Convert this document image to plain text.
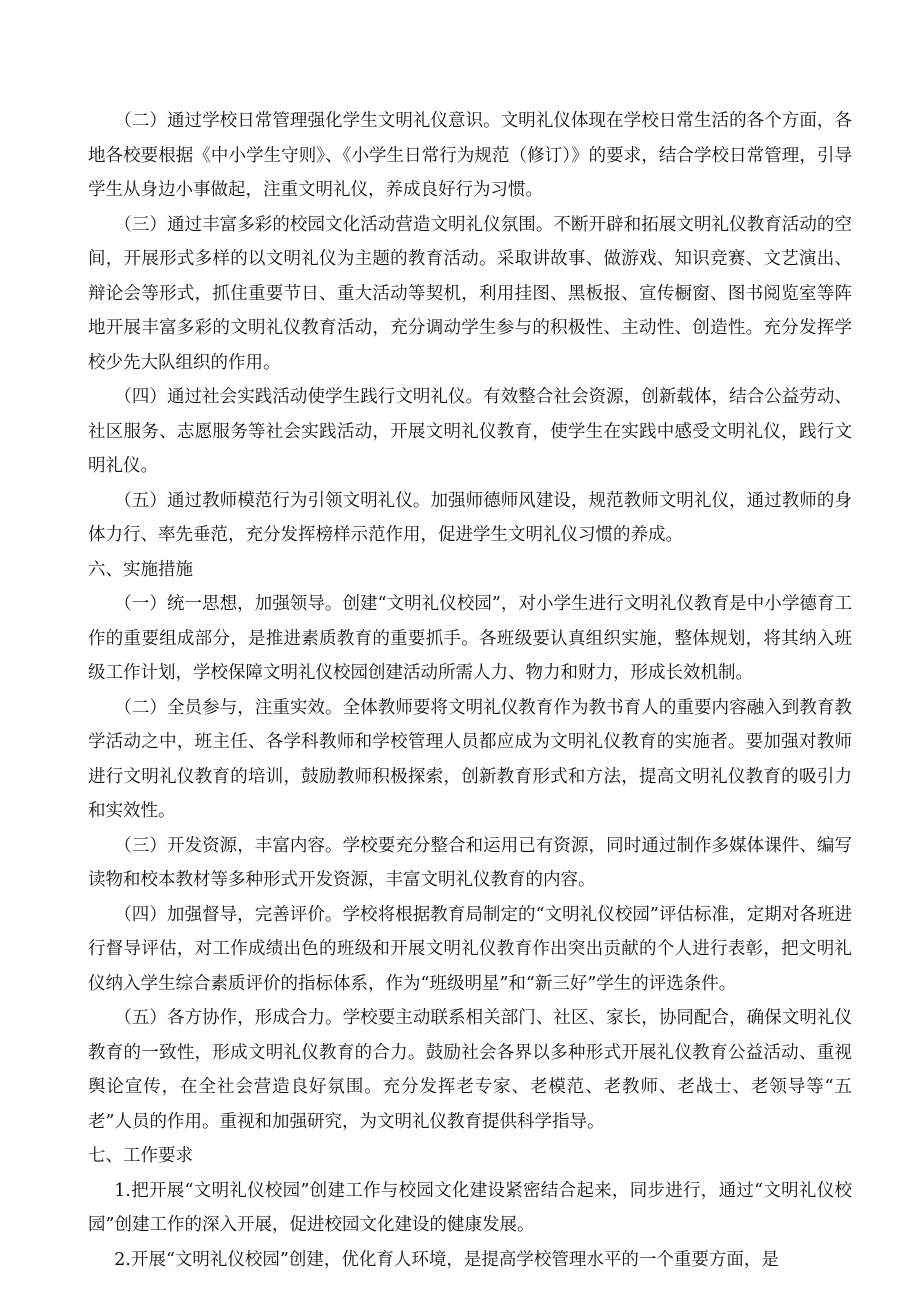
（二）通过学校日常管理强化学生文明礼仪意识。文明礼仪体现在学校日常生活的各个方面，各地各校要根据《中小学生守则》、《小学生日常行为规范（修订）》的要求，结合学校日常管理，引导学生从身边小事做起，注重文明礼仪，养成良好行为习惯。

（三）通过丰富多彩的校园文化活动营造文明礼仪氛围。不断开辟和拓展文明礼仪教育活动的空间，开展形式多样的以文明礼仪为主题的教育活动。采取讲故事、做游戏、知识竞赛、文艺演出、辩论会等形式，抓住重要节日、重大活动等契机，利用挂图、黑板报、宣传橱窗、图书阅览室等阵地开展丰富多彩的文明礼仪教育活动，充分调动学生参与的积极性、主动性、创造性。充分发挥学校少先大队组织的作用。

（四）通过社会实践活动使学生践行文明礼仪。有效整合社会资源，创新载体，结合公益劳动、社区服务、志愿服务等社会实践活动，开展文明礼仪教育，使学生在实践中感受文明礼仪，践行文明礼仪。

（五）通过教师模范行为引领文明礼仪。加强师德师风建设，规范教师文明礼仪，通过教师的身体力行、率先垂范，充分发挥榜样示范作用，促进学生文明礼仪习惯的养成。

六、实施措施

（一）统一思想，加强领导。创建“文明礼仪校园”，对小学生进行文明礼仪教育是中小学德育工作的重要组成部分，是推进素质教育的重要抓手。各班级要认真组织实施，整体规划，将其纳入班级工作计划，学校保障文明礼仪校园创建活动所需人力、物力和财力，形成长效机制。

（二）全员参与，注重实效。全体教师要将文明礼仪教育作为教书育人的重要内容融入到教育教学活动之中，班主任、各学科教师和学校管理人员都应成为文明礼仪教育的实施者。要加强对教师进行文明礼仪教育的培训，鼓励教师积极探索，创新教育形式和方法，提高文明礼仪教育的吸引力和实效性。

（三）开发资源，丰富内容。学校要充分整合和运用已有资源，同时通过制作多媒体课件、编写读物和校本教材等多种形式开发资源，丰富文明礼仪教育的内容。

（四）加强督导，完善评价。学校将根据教育局制定的“文明礼仪校园”评估标准，定期对各班进行督导评估，对工作成绩出色的班级和开展文明礼仪教育作出突出贡献的个人进行表彰，把文明礼仪纳入学生综合素质评价的指标体系，作为“班级明星”和“新三好”学生的评选条件。

（五）各方协作，形成合力。学校要主动联系相关部门、社区、家长，协同配合，确保文明礼仪教育的一致性，形成文明礼仪教育的合力。鼓励社会各界以多种形式开展礼仪教育公益活动、重视舆论宣传，在全社会营造良好氛围。充分发挥老专家、老模范、老教师、老战士、老领导等“五老”人员的作用。重视和加强研究，为文明礼仪教育提供科学指导。

七、工作要求

1.把开展“文明礼仪校园”创建工作与校园文化建设紧密结合起来，同步进行，通过“文明礼仪校园”创建工作的深入开展，促进校园文化建设的健康发展。

2.开展“文明礼仪校园”创建，优化育人环境，是提高学校管理水平的一个重要方面，是
